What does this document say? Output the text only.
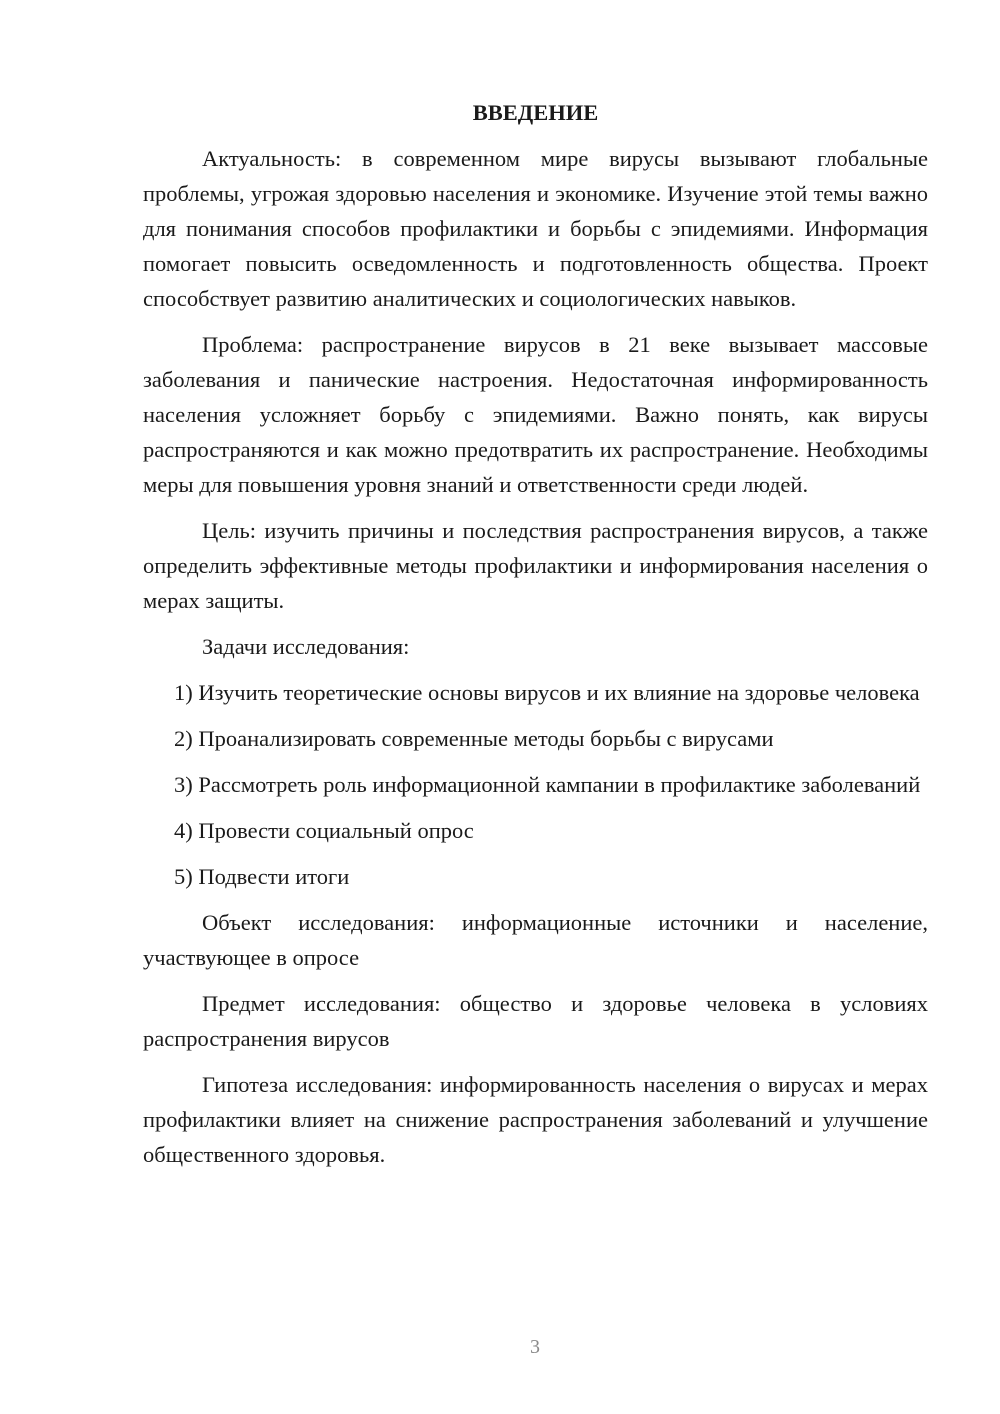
ВВЕДЕНИЕ

Актуальность: в современном мире вирусы вызывают глобальные проблемы, угрожая здоровью населения и экономике. Изучение этой темы важно для понимания способов профилактики и борьбы с эпидемиями. Информация помогает повысить осведомленность и подготовленность общества. Проект способствует развитию аналитических и социологических навыков.

Проблема: распространение вирусов в 21 веке вызывает массовые заболевания и панические настроения. Недостаточная информированность населения усложняет борьбу с эпидемиями. Важно понять, как вирусы распространяются и как можно предотвратить их распространение. Необходимы меры для повышения уровня знаний и ответственности среди людей.

Цель: изучить причины и последствия распространения вирусов, а также определить эффективные методы профилактики и информирования населения о мерах защиты.

Задачи исследования:

1) Изучить теоретические основы вирусов и их влияние на здоровье человека

2) Проанализировать современные методы борьбы с вирусами

3) Рассмотреть роль информационной кампании в профилактике заболеваний

4) Провести социальный опрос

5) Подвести итоги

Объект исследования: информационные источники и население, участвующее в опросе

Предмет исследования: общество и здоровье человека в условиях распространения вирусов

Гипотеза исследования: информированность населения о вирусах и мерах профилактики влияет на снижение распространения заболеваний и улучшение общественного здоровья.

3
